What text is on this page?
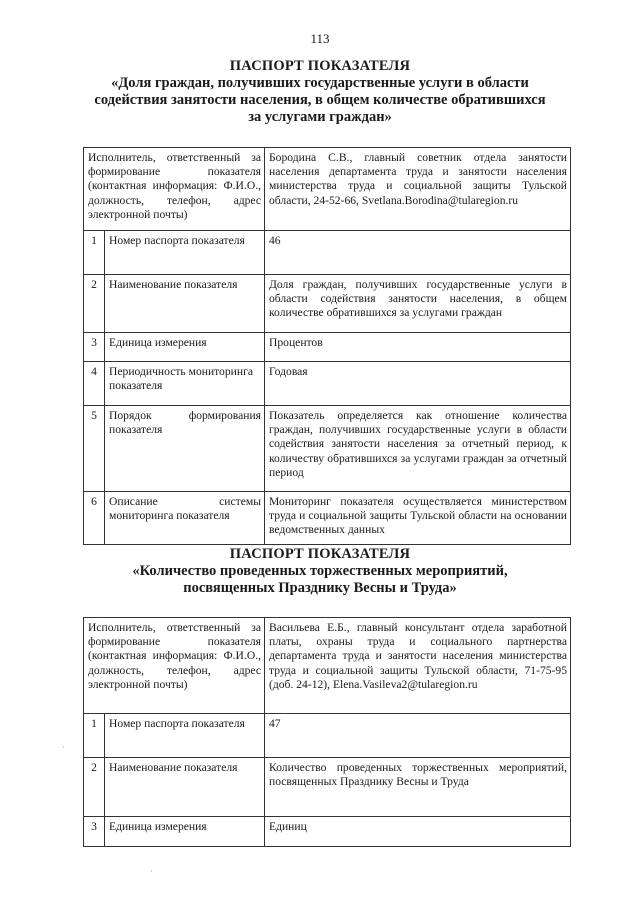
113
ПАСПОРТ ПОКАЗАТЕЛЯ
«Доля граждан, получивших государственные услуги в области
содействия занятости населения, в общем количестве обратившихся
за услугами граждан»
Исполнитель, ответственный за формирование показателя (контактная информация: Ф.И.О., должность, телефон, адрес электронной почты)		Бородина С.В., главный советник отдела занятости населения департамента труда и занятости населения министерства труда и социальной защиты Тульской области, 24-52-66, Svetlana.Borodina@tularegion.ru
1	Номер паспорта показателя	46
2	Наименование показателя	Доля граждан, получивших государственные услуги в области содействия занятости населения, в общем количестве обратившихся за услугами граждан
3	Единица измерения	Процентов
4	Периодичность мониторинга показателя	Годовая
5	Порядок формирования показателя	Показатель определяется как отношение количества граждан, получивших государственные услуги в области содействия занятости населения за отчетный период, к количеству обратившихся за услугами граждан за отчетный период
6	Описание системы мониторинга показателя	Мониторинг показателя осуществляется министерством труда и социальной защиты Тульской области на основании ведомственных данных
ПАСПОРТ ПОКАЗАТЕЛЯ
«Количество проведенных торжественных мероприятий,
посвященных Празднику Весны и Труда»
Исполнитель, ответственный за формирование показателя (контактная информация: Ф.И.О., должность, телефон, адрес электронной почты)		Васильева Е.Б., главный консультант отдела заработной платы, охраны труда и социального партнерства департамента труда и занятости населения министерства труда и социальной защиты Тульской области, 71-75-95 (доб. 24-12), Elena.Vasileva2@tularegion.ru
1	Номер паспорта показателя	47
2	Наименование показателя	Количество проведенных торжественных мероприятий, посвященных Празднику Весны и Труда
3	Единица измерения	Единиц
·
·
